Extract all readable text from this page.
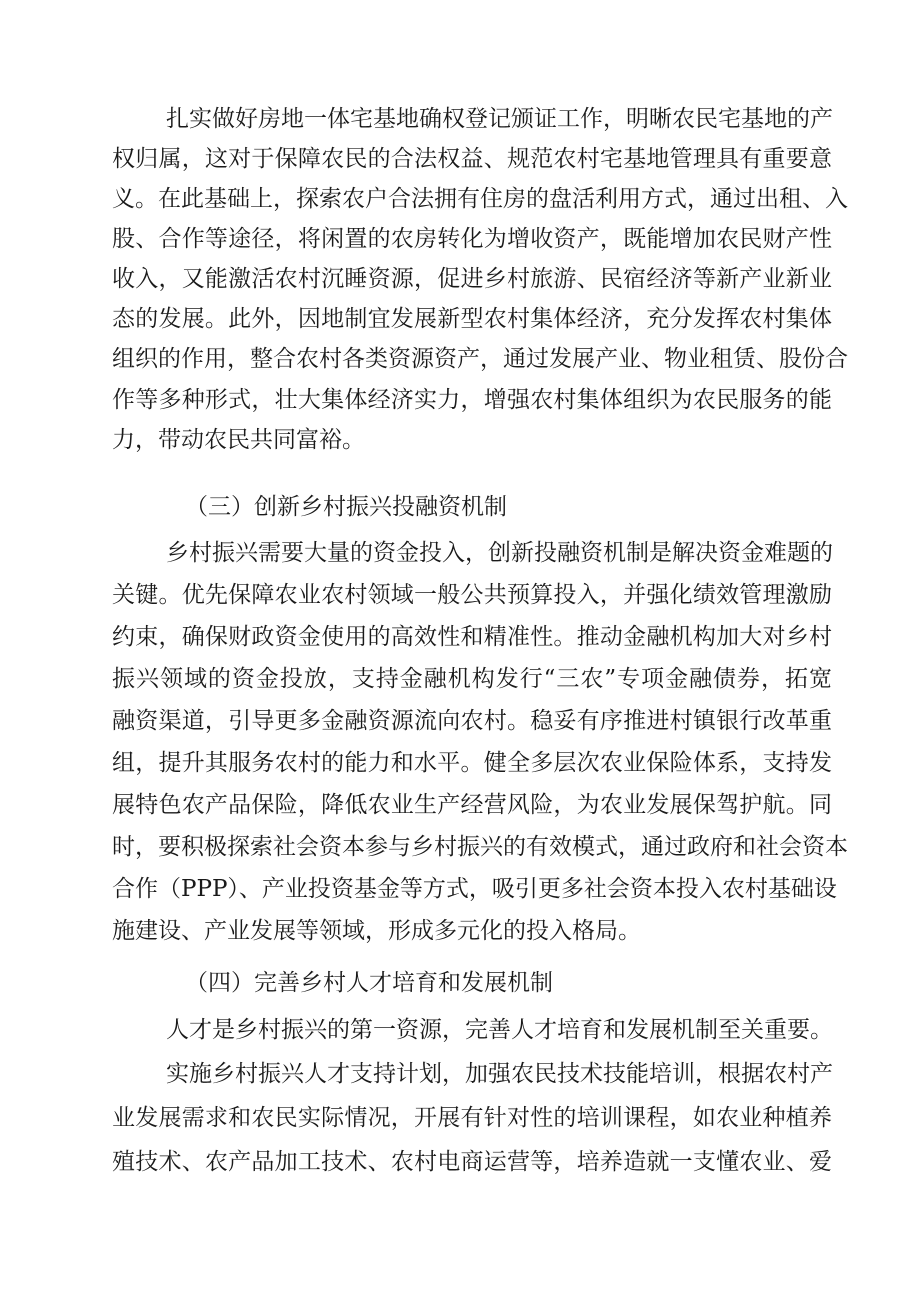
扎实做好房地一体宅基地确权登记颁证工作，明晰农民宅基地的产
权归属，这对于保障农民的合法权益、规范农村宅基地管理具有重要意
义。在此基础上，探索农户合法拥有住房的盘活利用方式，通过出租、入
股、合作等途径，将闲置的农房转化为增收资产，既能增加农民财产性
收入，又能激活农村沉睡资源，促进乡村旅游、民宿经济等新产业新业
态的发展。此外，因地制宜发展新型农村集体经济，充分发挥农村集体
组织的作用，整合农村各类资源资产，通过发展产业、物业租赁、股份合
作等多种形式，壮大集体经济实力，增强农村集体组织为农民服务的能
力，带动农民共同富裕。
（三）创新乡村振兴投融资机制
乡村振兴需要大量的资金投入，创新投融资机制是解决资金难题的
关键。优先保障农业农村领域一般公共预算投入，并强化绩效管理激励
约束，确保财政资金使用的高效性和精准性。推动金融机构加大对乡村
振兴领域的资金投放，支持金融机构发行“三农”专项金融债券，拓宽
融资渠道，引导更多金融资源流向农村。稳妥有序推进村镇银行改革重
组，提升其服务农村的能力和水平。健全多层次农业保险体系，支持发
展特色农产品保险，降低农业生产经营风险，为农业发展保驾护航。同
时，要积极探索社会资本参与乡村振兴的有效模式，通过政府和社会资本
合作（PPP）、产业投资基金等方式，吸引更多社会资本投入农村基础设
施建设、产业发展等领域，形成多元化的投入格局。
（四）完善乡村人才培育和发展机制
人才是乡村振兴的第一资源，完善人才培育和发展机制至关重要。
实施乡村振兴人才支持计划，加强农民技术技能培训，根据农村产
业发展需求和农民实际情况，开展有针对性的培训课程，如农业种植养
殖技术、农产品加工技术、农村电商运营等，培养造就一支懂农业、爱
